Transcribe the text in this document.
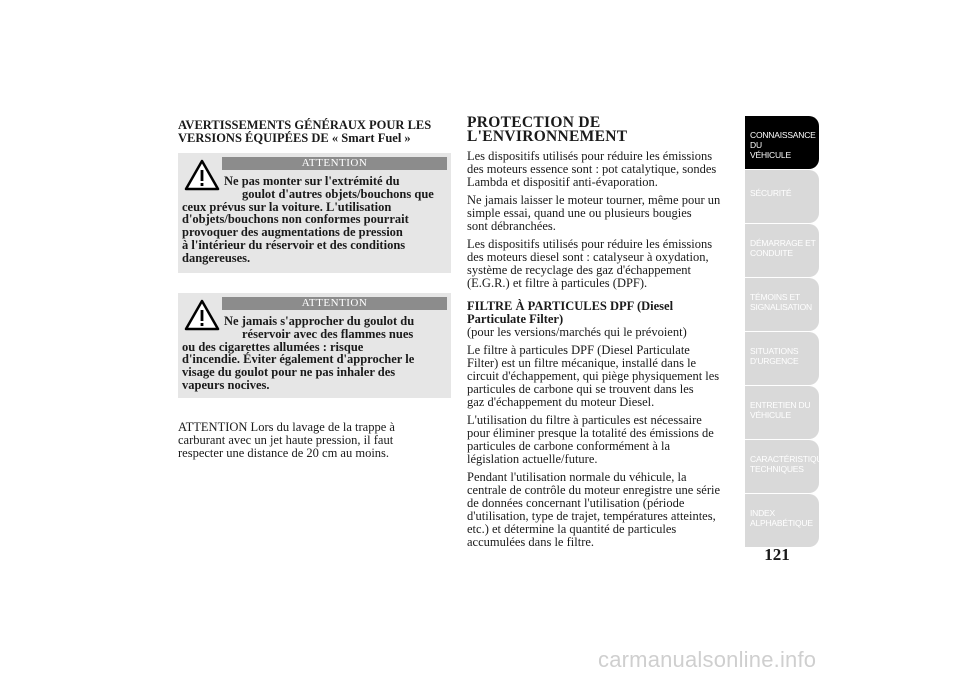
AVERTISSEMENTS GÉNÉRAUX POUR LES
VERSIONS ÉQUIPÉES DE « Smart Fuel »
ATTENTION
Ne pas monter sur l'extrémité du
goulot d'autres objets/bouchons que
ceux prévus sur la voiture. L'utilisation
d'objets/bouchons non conformes pourrait
provoquer des augmentations de pression
à l'intérieur du réservoir et des conditions
dangereuses.
ATTENTION
Ne jamais s'approcher du goulot du
réservoir avec des flammes nues
ou des cigarettes allumées : risque
d'incendie. Éviter également d'approcher le
visage du goulot pour ne pas inhaler des
vapeurs nocives.
ATTENTION Lors du lavage de la trappe à
carburant avec un jet haute pression, il faut
respecter une distance de 20 cm au moins.
PROTECTION DE
L'ENVIRONNEMENT

Les dispositifs utilisés pour réduire les émissions
des moteurs essence sont : pot catalytique, sondes
Lambda et dispositif anti-évaporation.

Ne jamais laisser le moteur tourner, même pour un
simple essai, quand une ou plusieurs bougies
sont débranchées.

Les dispositifs utilisés pour réduire les émissions
des moteurs diesel sont : catalyseur à oxydation,
système de recyclage des gaz d'échappement
(E.G.R.) et filtre à particules (DPF).

FILTRE À PARTICULES DPF (Diesel
Particulate Filter)

(pour les versions/marchés qui le prévoient)

Le filtre à particules DPF (Diesel Particulate
Filter) est un filtre mécanique, installé dans le
circuit d'échappement, qui piège physiquement les
particules de carbone qui se trouvent dans les
gaz d'échappement du moteur Diesel.

L'utilisation du filtre à particules est nécessaire
pour éliminer presque la totalité des émissions de
particules de carbone conformément à la
législation actuelle/future.

Pendant l'utilisation normale du véhicule, la
centrale de contrôle du moteur enregistre une série
de données concernant l'utilisation (période
d'utilisation, type de trajet, températures atteintes,
etc.) et détermine la quantité de particules
accumulées dans le filtre.

CONNAISSANCE DU
VÉHICULE
SÉCURITÉ
DÉMARRAGE ET
CONDUITE
TÉMOINS ET
SIGNALISATION
SITUATIONS
D'URGENCE
ENTRETIEN DU
VÉHICULE
CARACTÉRISTIQUES
TECHNIQUES
INDEX
ALPHABÉTIQUE
121
carmanualsonline.info
